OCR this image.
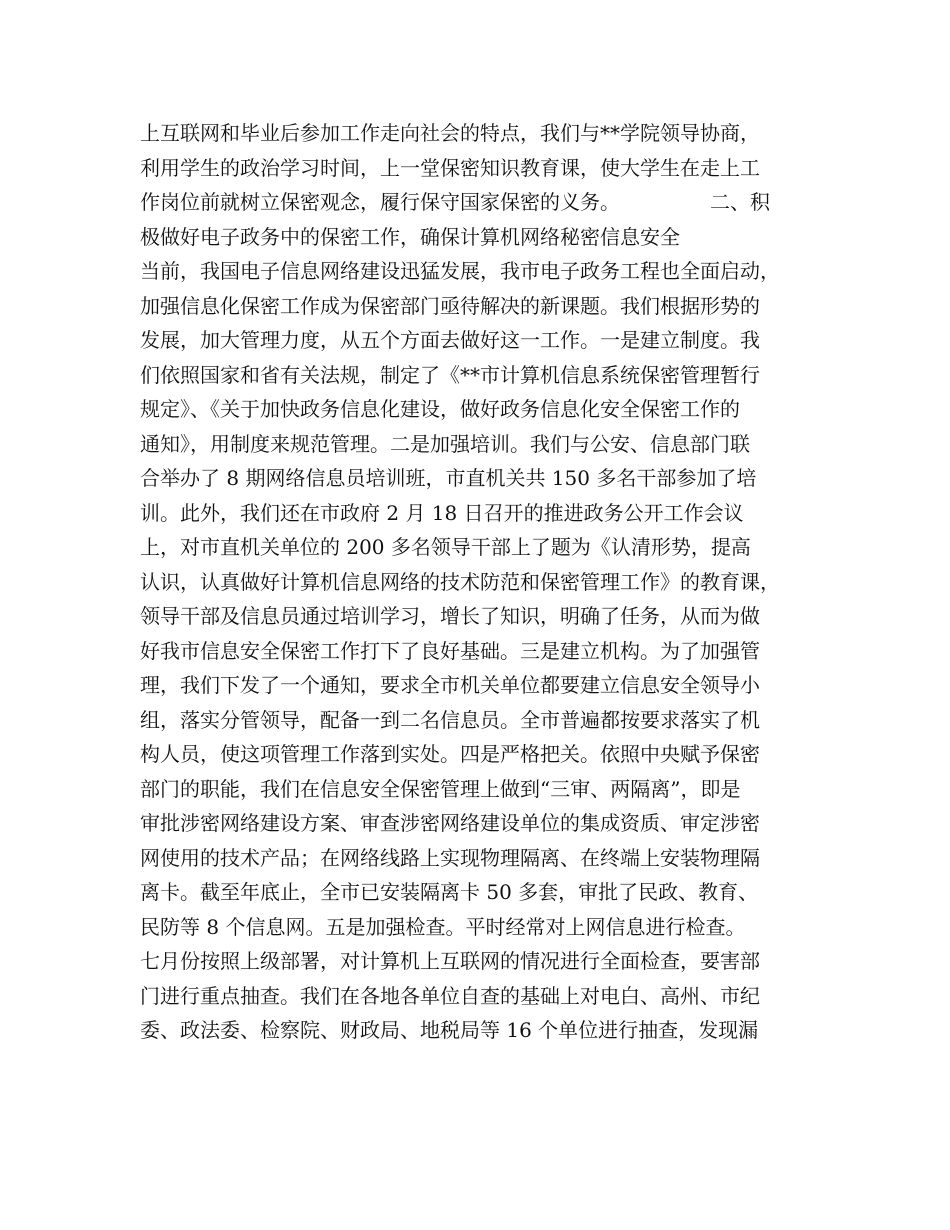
上互联网和毕业后参加工作走向社会的特点，我们与**学院领导协商，
利用学生的政治学习时间，上一堂保密知识教育课，使大学生在走上工
作岗位前就树立保密观念，履行保守国家保密的义务。　　　　　二、积
极做好电子政务中的保密工作，确保计算机网络秘密信息安全
当前，我国电子信息网络建设迅猛发展，我市电子政务工程也全面启动，
加强信息化保密工作成为保密部门亟待解决的新课题。我们根据形势的
发展，加大管理力度，从五个方面去做好这一工作。一是建立制度。我
们依照国家和省有关法规，制定了《**市计算机信息系统保密管理暂行
规定》、《关于加快政务信息化建设，做好政务信息化安全保密工作的
通知》，用制度来规范管理。二是加强培训。我们与公安、信息部门联
合举办了 8 期网络信息员培训班，市直机关共 150 多名干部参加了培
训。此外，我们还在市政府 2 月 18 日召开的推进政务公开工作会议
上，对市直机关单位的 200 多名领导干部上了题为《认清形势，提高
认识，认真做好计算机信息网络的技术防范和保密管理工作》的教育课，
领导干部及信息员通过培训学习，增长了知识，明确了任务，从而为做
好我市信息安全保密工作打下了良好基础。三是建立机构。为了加强管
理，我们下发了一个通知，要求全市机关单位都要建立信息安全领导小
组，落实分管领导，配备一到二名信息员。全市普遍都按要求落实了机
构人员，使这项管理工作落到实处。四是严格把关。依照中央赋予保密
部门的职能，我们在信息安全保密管理上做到“三审、两隔离”，即是
审批涉密网络建设方案、审查涉密网络建设单位的集成资质、审定涉密
网使用的技术产品；在网络线路上实现物理隔离、在终端上安装物理隔
离卡。截至年底止，全市已安装隔离卡 50 多套，审批了民政、教育、
民防等 8 个信息网。五是加强检查。平时经常对上网信息进行检查。
七月份按照上级部署，对计算机上互联网的情况进行全面检查，要害部
门进行重点抽查。我们在各地各单位自查的基础上对电白、高州、市纪
委、政法委、检察院、财政局、地税局等 16 个单位进行抽查，发现漏
